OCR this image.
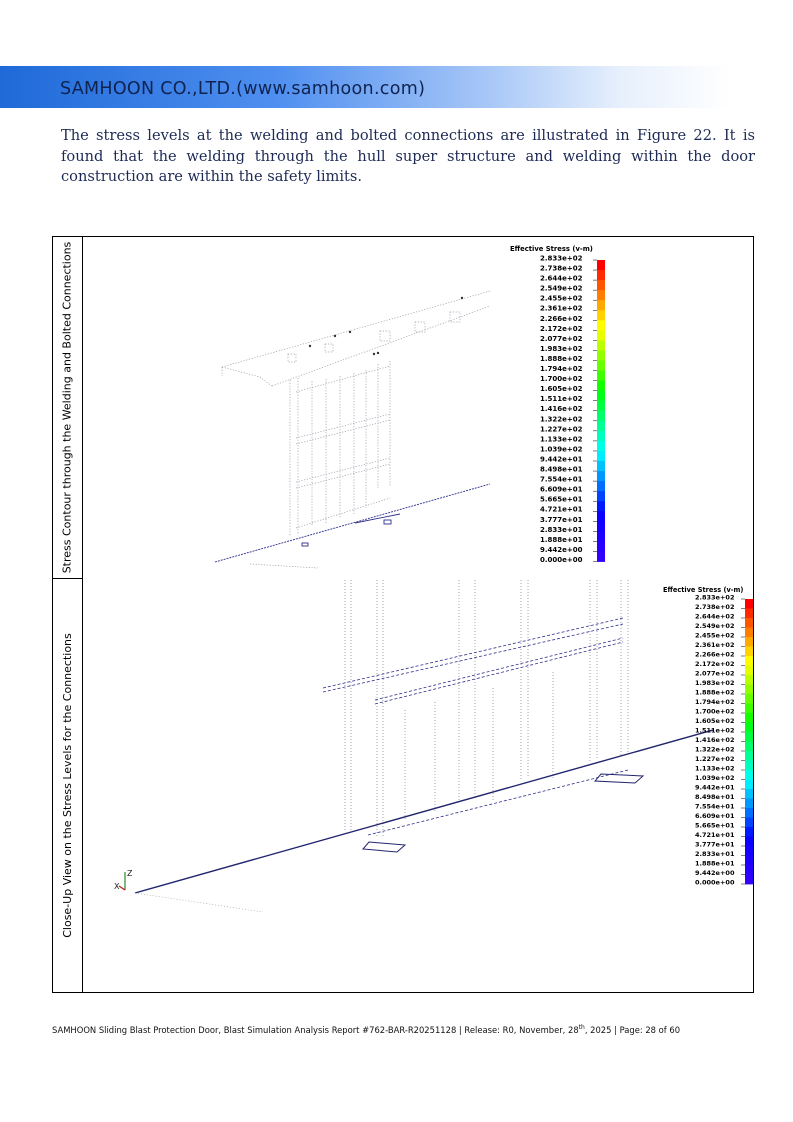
SAMHOON CO.,LTD.(www.samhoon.com)

The stress levels at the welding and bolted connections are illustrated in Figure 22. It is found that the welding through the hull super structure and welding within the door construction are within the safety limits.

Stress Contour through the Welding and Bolted Connections
Close-Up View on the Stress Levels for the Connections	Z
X
Effective Stress (v-m)
2.833e+02
2.738e+02
2.644e+02
2.549e+02
2.455e+02
2.361e+02
2.266e+02
2.172e+02
2.077e+02
1.983e+02
1.888e+02
1.794e+02
1.700e+02
1.605e+02
1.511e+02
1.416e+02
1.322e+02
1.227e+02
1.133e+02
1.039e+02
9.442e+01
8.498e+01
7.554e+01
6.609e+01
5.665e+01
4.721e+01
3.777e+01
2.833e+01
1.888e+01
9.442e+00
0.000e+00
Effective Stress (v-m)
2.833e+02
2.738e+02
2.644e+02
2.549e+02
2.455e+02
2.361e+02
2.266e+02
2.172e+02
2.077e+02
1.983e+02
1.888e+02
1.794e+02
1.700e+02
1.605e+02
1.511e+02
1.416e+02
1.322e+02
1.227e+02
1.133e+02
1.039e+02
9.442e+01
8.498e+01
7.554e+01
6.609e+01
5.665e+01
4.721e+01
3.777e+01
2.833e+01
1.888e+01
9.442e+00
0.000e+00
SAMHOON Sliding Blast Protection Door, Blast Simulation Analysis Report #762-BAR-R20251128 | Release: R0, November, 28th, 2025 | Page: 28 of 60
